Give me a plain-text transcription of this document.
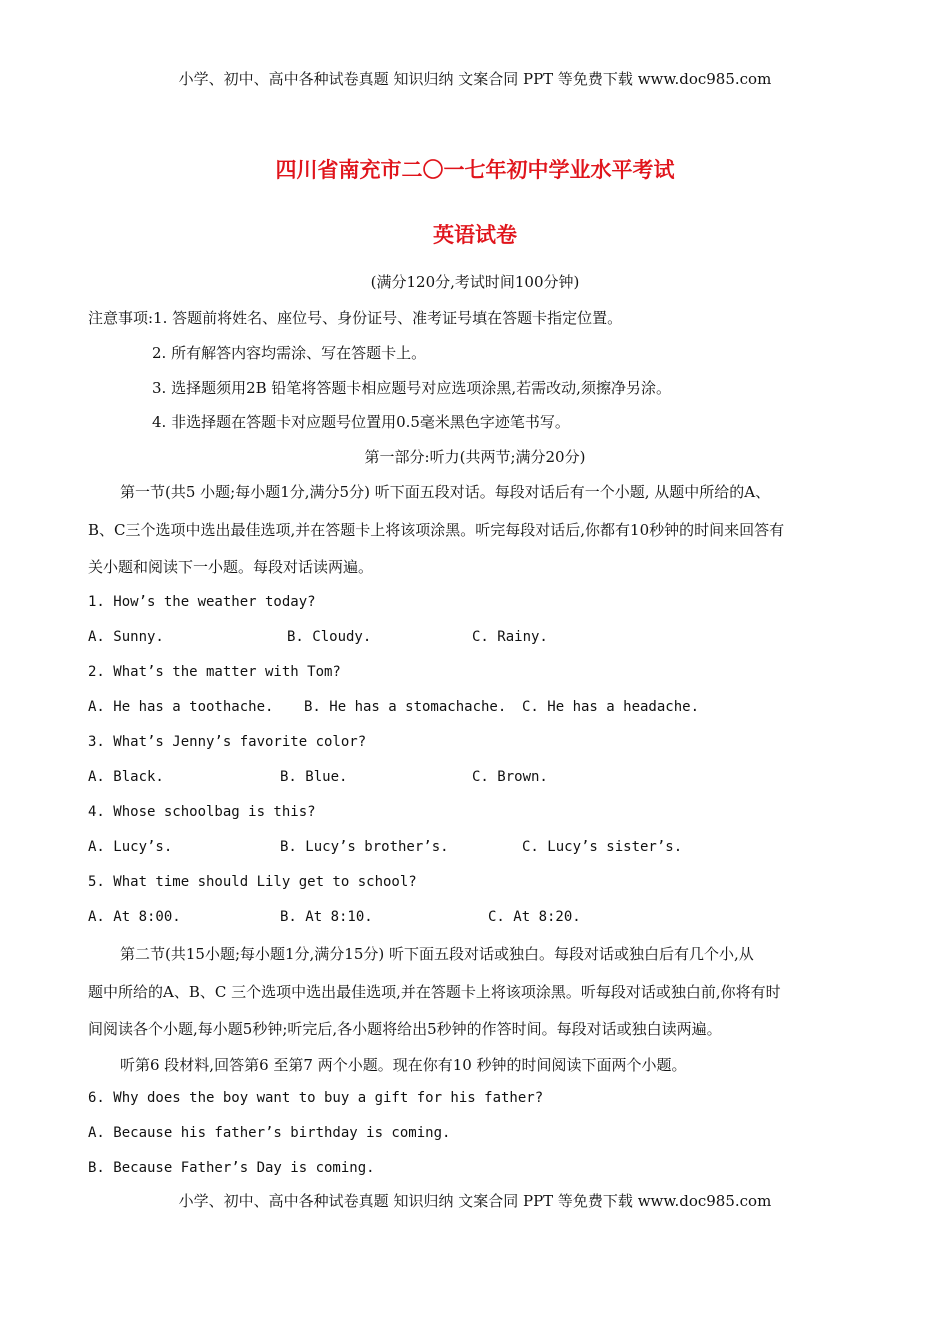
小学、初中、高中各种试卷真题 知识归纳 文案合同 PPT 等免费下载 www.doc985.com
四川省南充市二〇一七年初中学业水平考试
英语试卷
(满分120分,考试时间100分钟)
注意事项:1. 答题前将姓名、座位号、身份证号、准考证号填在答题卡指定位置。
2. 所有解答内容均需涂、写在答题卡上。
3. 选择题须用2B 铅笔将答题卡相应题号对应选项涂黑,若需改动,须擦净另涂。
4. 非选择题在答题卡对应题号位置用0.5毫米黑色字迹笔书写。
第一部分:听力(共两节;满分20分)
第一节(共5 小题;每小题1分,满分5分) 听下面五段对话。每段对话后有一个小题, 从题中所给的A、
B、C三个选项中选出最佳选项,并在答题卡上将该项涂黑。听完每段对话后,你都有10秒钟的时间来回答有
关小题和阅读下一小题。每段对话读两遍。
1. How’s the weather today?
A. Sunny.	B. Cloudy.	C. Rainy.
2. What’s the matter with Tom?
A. He has a toothache. B. He has a stomachache. C. He has a headache.
3. What’s Jenny’s favorite color?
A. Black.	B. Blue.	C. Brown.
4. Whose schoolbag is this?
A. Lucy’s.	B. Lucy’s brother’s.	C. Lucy’s sister’s.
5. What time should Lily get to school?
A. At 8:00.	B. At 8:10.	C. At 8:20.
第二节(共15小题;每小题1分,满分15分) 听下面五段对话或独白。每段对话或独白后有几个小,从
题中所给的A、B、C 三个选项中选出最佳选项,并在答题卡上将该项涂黑。听每段对话或独白前,你将有时
间阅读各个小题,每小题5秒钟;听完后,各小题将给出5秒钟的作答时间。每段对话或独白读两遍。
听第6 段材料,回答第6 至第7 两个小题。现在你有10 秒钟的时间阅读下面两个小题。
6. Why does the boy want to buy a gift for his father?
A. Because his father’s birthday is coming.
B. Because Father’s Day is coming.
小学、初中、高中各种试卷真题 知识归纳 文案合同 PPT 等免费下载 www.doc985.com
